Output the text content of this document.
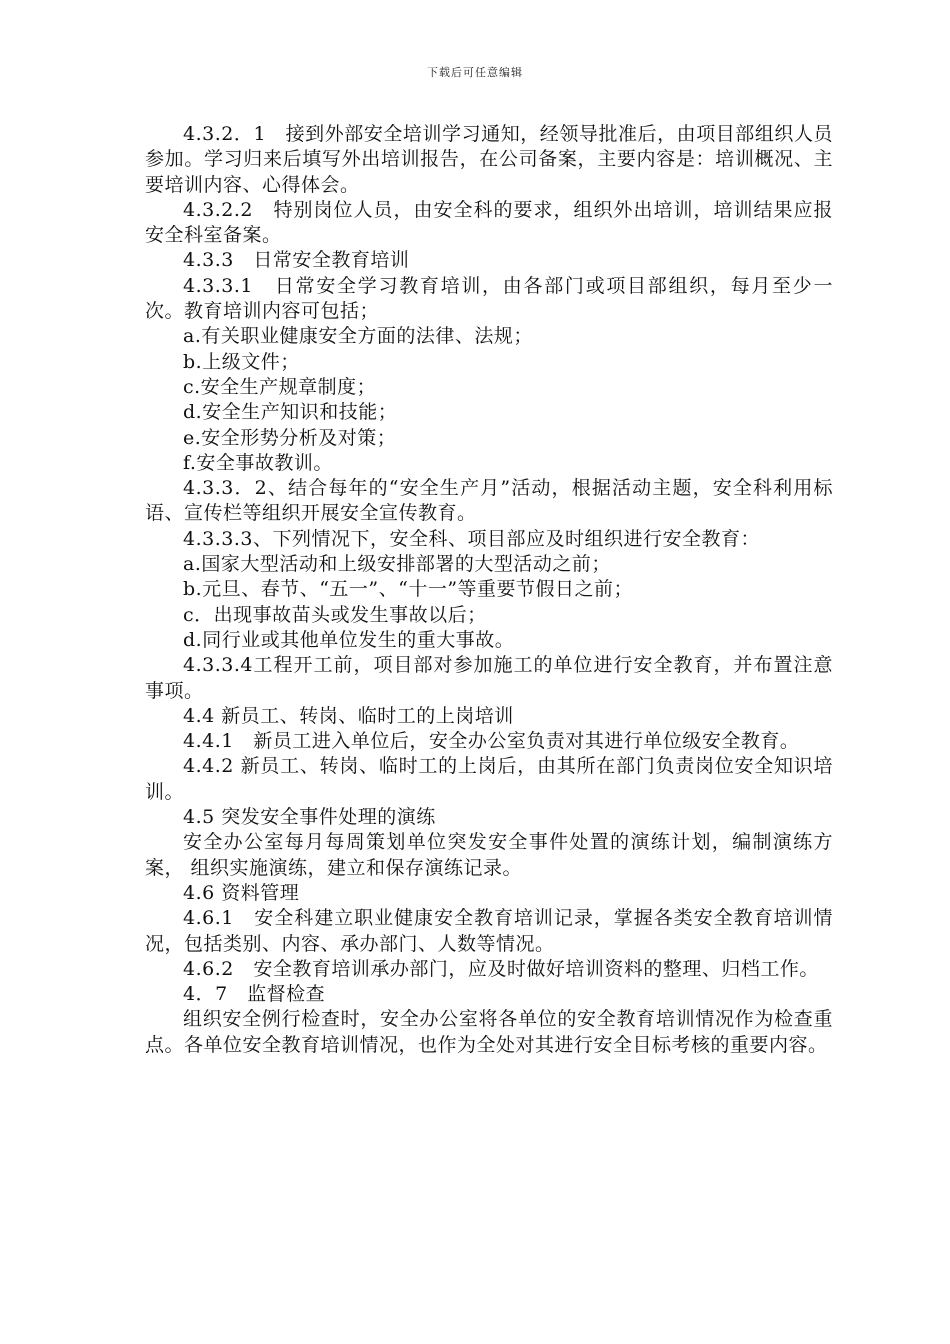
下载后可任意编辑

4.3.2．1　接到外部安全培训学习通知，经领导批准后，由项目部组织人员参加。学习归来后填写外出培训报告，在公司备案，主要内容是：培训概况、主要培训内容、心得体会。

4.3.2.2　特别岗位人员，由安全科的要求，组织外出培训，培训结果应报安全科室备案。

4.3.3　日常安全教育培训

4.3.3.1　日常安全学习教育培训，由各部门或项目部组织，每月至少一次。教育培训内容可包括；

a.有关职业健康安全方面的法律、法规；

b.上级文件；

c.安全生产规章制度；

d.安全生产知识和技能；

e.安全形势分析及对策；

f.安全事故教训。

4.3.3．2、结合每年的“安全生产月”活动，根据活动主题，安全科利用标语、宣传栏等组织开展安全宣传教育。

4.3.3.3、下列情况下，安全科、项目部应及时组织进行安全教育：

a.国家大型活动和上级安排部署的大型活动之前；

b.元旦、春节、“五一”、“十一”等重要节假日之前；

c．出现事故苗头或发生事故以后；

d.同行业或其他单位发生的重大事故。

4.3.3.4工程开工前，项目部对参加施工的单位进行安全教育，并布置注意事项。

4.4 新员工、转岗、临时工的上岗培训

4.4.1　新员工进入单位后，安全办公室负责对其进行单位级安全教育。

4.4.2 新员工、转岗、临时工的上岗后，由其所在部门负责岗位安全知识培训。

4.5 突发安全事件处理的演练

安全办公室每月每周策划单位突发安全事件处置的演练计划，编制演练方案， 组织实施演练，建立和保存演练记录。

4.6 资料管理

4.6.1　安全科建立职业健康安全教育培训记录，掌握各类安全教育培训情况，包括类别、内容、承办部门、人数等情况。

4.6.2　安全教育培训承办部门，应及时做好培训资料的整理、归档工作。

4．7　监督检查

组织安全例行检查时，安全办公室将各单位的安全教育培训情况作为检查重点。各单位安全教育培训情况，也作为全处对其进行安全目标考核的重要内容。
